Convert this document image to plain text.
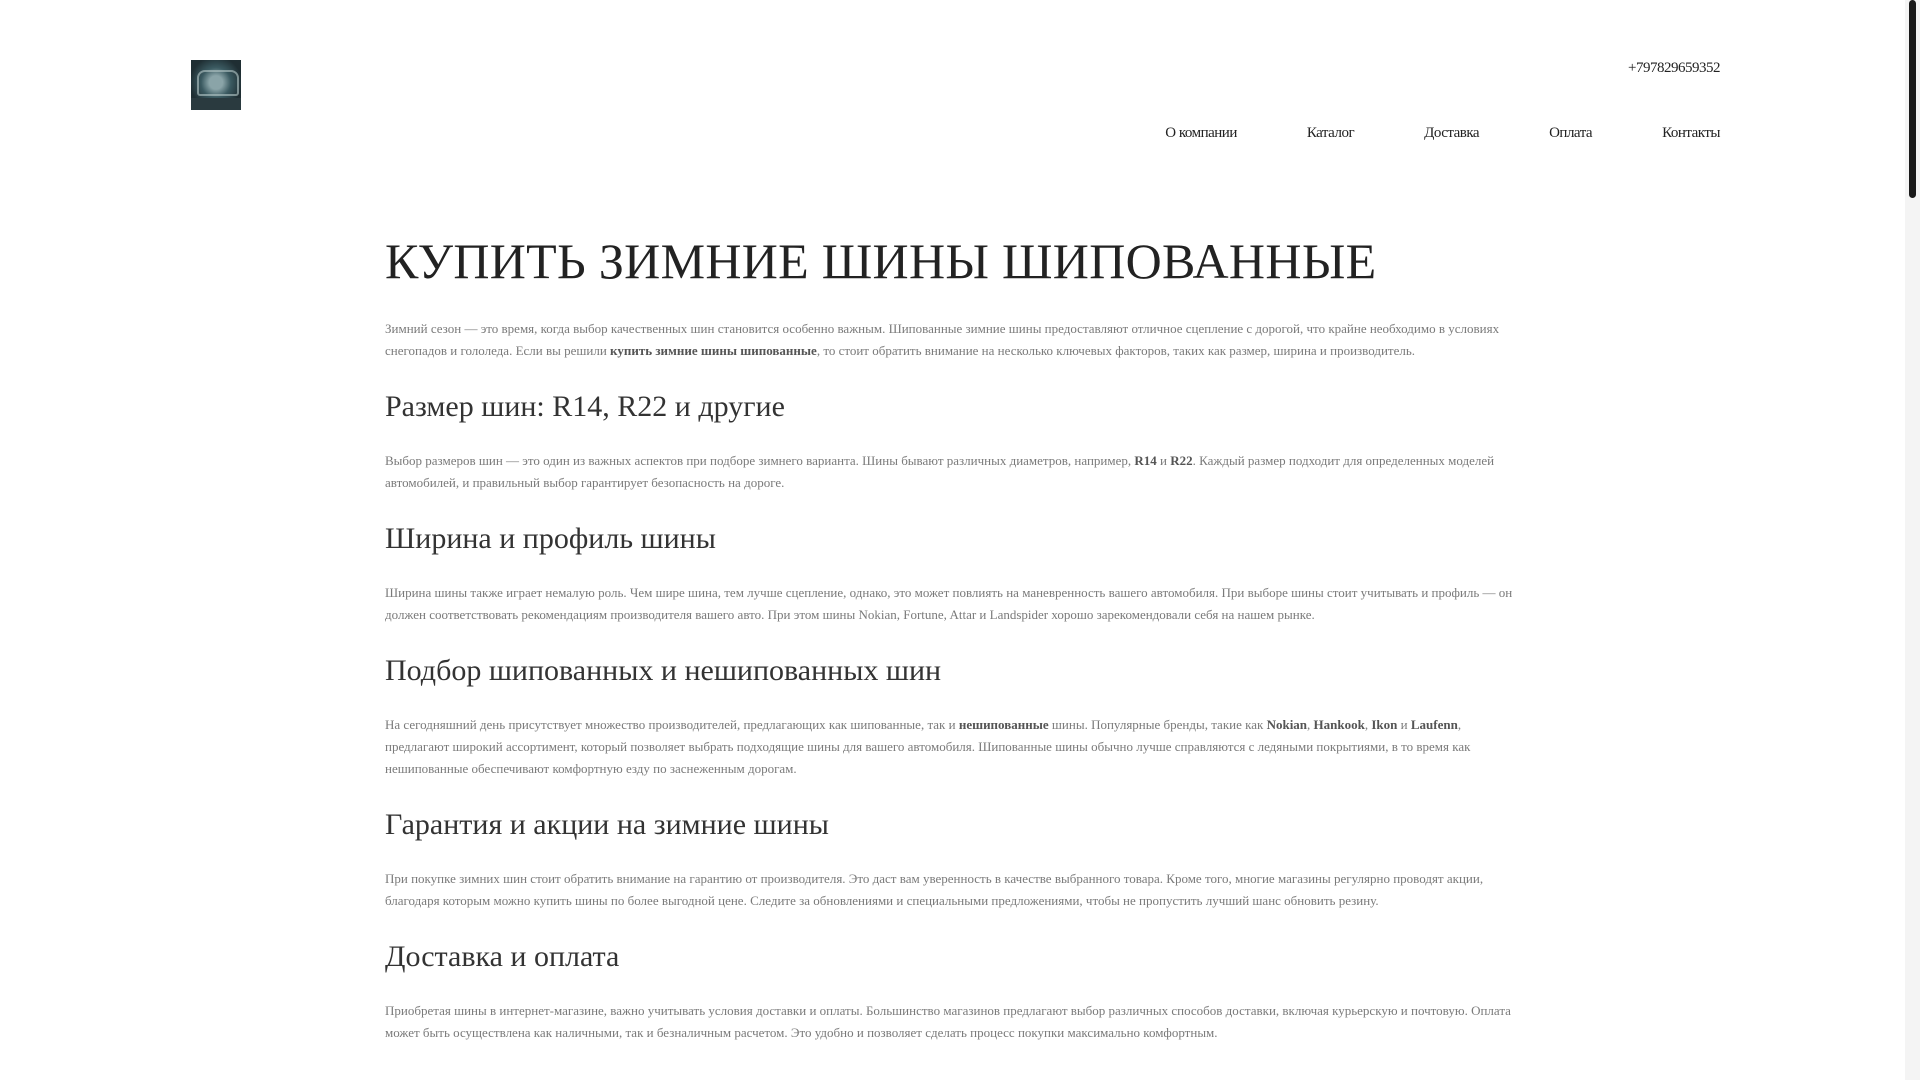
+797829659352
О компании	Каталог	Доставка	Оплата	Контакты
КУПИТЬ ЗИМНИЕ ШИНЫ ШИПОВАННЫЕ

Зимний сезон — это время, когда выбор качественных шин становится особенно важным. Шипованные зимние шины предоставляют отличное сцепление с дорогой, что крайне необходимо в условиях снегопадов и гололеда. Если вы решили купить зимние шины шипованные, то стоит обратить внимание на несколько ключевых факторов, таких как размер, ширина и производитель.

Размер шин: R14, R22 и другие

Выбор размеров шин — это один из важных аспектов при подборе зимнего варианта. Шины бывают различных диаметров, например, R14 и R22. Каждый размер подходит для определенных моделей автомобилей, и правильный выбор гарантирует безопасность на дороге.

Ширина и профиль шины

Ширина шины также играет немалую роль. Чем шире шина, тем лучше сцепление, однако, это может повлиять на маневренность вашего автомобиля. При выборе шины стоит учитывать и профиль — он должен соответствовать рекомендациям производителя вашего авто. При этом шины Nokian, Fortune, Attar и Landspider хорошо зарекомендовали себя на нашем рынке.

Подбор шипованных и нешипованных шин

На сегодняшний день присутствует множество производителей, предлагающих как шипованные, так и нешипованные шины. Популярные бренды, такие как Nokian, Hankook, Ikon и Laufenn, предлагают широкий ассортимент, который позволяет выбрать подходящие шины для вашего автомобиля. Шипованные шины обычно лучше справляются с ледяными покрытиями, в то время как нешипованные обеспечивают комфортную езду по заснеженным дорогам.

Гарантия и акции на зимние шины

При покупке зимних шин стоит обратить внимание на гарантию от производителя. Это даст вам уверенность в качестве выбранного товара. Кроме того, многие магазины регулярно проводят акции, благодаря которым можно купить шины по более выгодной цене. Следите за обновлениями и специальными предложениями, чтобы не пропустить лучший шанс обновить резину.

Доставка и оплата

Приобретая шины в интернет-магазине, важно учитывать условия доставки и оплаты. Большинство магазинов предлагают выбор различных способов доставки, включая курьерскую и почтовую. Оплата может быть осуществлена как наличными, так и безналичным расчетом. Это удобно и позволяет сделать процесс покупки максимально комфортным.
